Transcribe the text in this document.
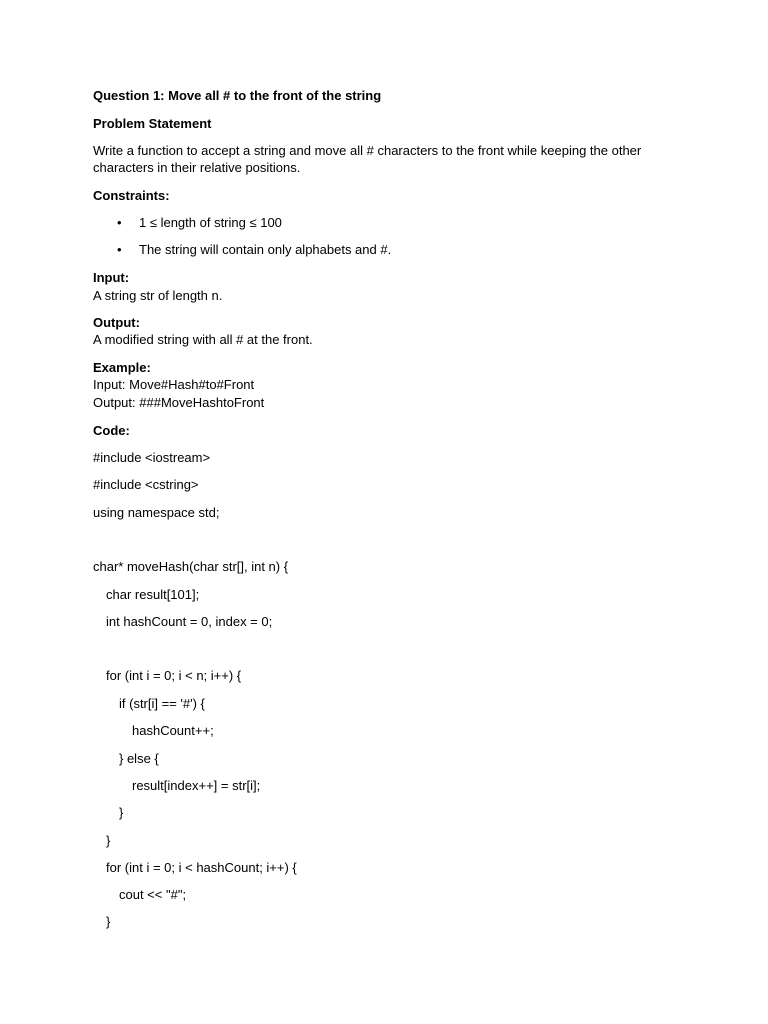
Question 1: Move all # to the front of the string
Problem Statement
Write a function to accept a string and move all # characters to the front while keeping the other
characters in their relative positions.
Constraints:
• 1 ≤ length of string ≤ 100
• The string will contain only alphabets and #.
Input:
A string str of length n.
Output:
A modified string with all # at the front.
Example:
Input: Move#Hash#to#Front
Output: ###MoveHashtoFront
Code:
#include <iostream>
#include <cstring>
using namespace std;
char* moveHash(char str[], int n) {
char result[101];
int hashCount = 0, index = 0;
for (int i = 0; i < n; i++) {
if (str[i] == '#') {
hashCount++;
} else {
result[index++] = str[i];
}
}
for (int i = 0; i < hashCount; i++) {
cout << "#";
}
